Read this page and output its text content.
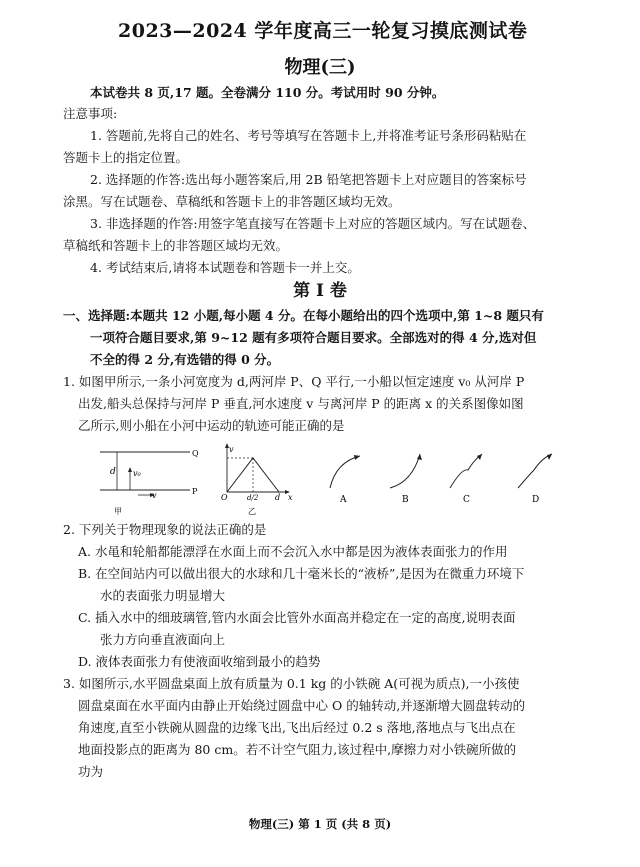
2023—2024 学年度高三一轮复习摸底测试卷
物理(三)
本试卷共 8 页,17 题。全卷满分 110 分。考试用时 90 分钟。
注意事项:
1. 答题前,先将自己的姓名、考号等填写在答题卡上,并将准考证号条形码粘贴在
答题卡上的指定位置。
2. 选择题的作答:选出每小题答案后,用 2B 铅笔把答题卡上对应题目的答案标号
涂黑。写在试题卷、草稿纸和答题卡上的非答题区域均无效。
3. 非选择题的作答:用签字笔直接写在答题卡上对应的答题区域内。写在试题卷、
草稿纸和答题卡上的非答题区域均无效。
4. 考试结束后,请将本试题卷和答题卡一并上交。
第 Ⅰ 卷
一、选择题:本题共 12 小题,每小题 4 分。在每小题给出的四个选项中,第 1~8 题只有
一项符合题目要求,第 9~12 题有多项符合题目要求。全部选对的得 4 分,选对但
不全的得 2 分,有选错的得 0 分。
1. 如图甲所示,一条小河宽度为 d,两河岸 P、Q 平行,一小船以恒定速度 v₀ 从河岸 P
出发,船头总保持与河岸 P 垂直,河水速度 v 与离河岸 P 的距离 x 的关系图像如图
乙所示,则小船在小河中运动的轨迹可能正确的是
Q
P
d v₀
v
甲
v
O	d/2 d x
乙
A	B	C	D
2. 下列关于物理现象的说法正确的是
A. 水黾和轮船都能漂浮在水面上而不会沉入水中都是因为液体表面张力的作用
B. 在空间站内可以做出很大的水球和几十毫米长的“液桥”,是因为在微重力环境下
水的表面张力明显增大
C. 插入水中的细玻璃管,管内水面会比管外水面高并稳定在一定的高度,说明表面
张力方向垂直液面向上
D. 液体表面张力有使液面收缩到最小的趋势
3. 如图所示,水平圆盘桌面上放有质量为 0.1 kg 的小铁碗 A(可视为质点),一小孩使
圆盘桌面在水平面内由静止开始绕过圆盘中心 O 的轴转动,并逐渐增大圆盘转动的
角速度,直至小铁碗从圆盘的边缘飞出,飞出后经过 0.2 s 落地,落地点与飞出点在
地面投影点的距离为 80 cm。若不计空气阻力,该过程中,摩擦力对小铁碗所做的
功为
物理(三) 第 1 页 (共 8 页)
